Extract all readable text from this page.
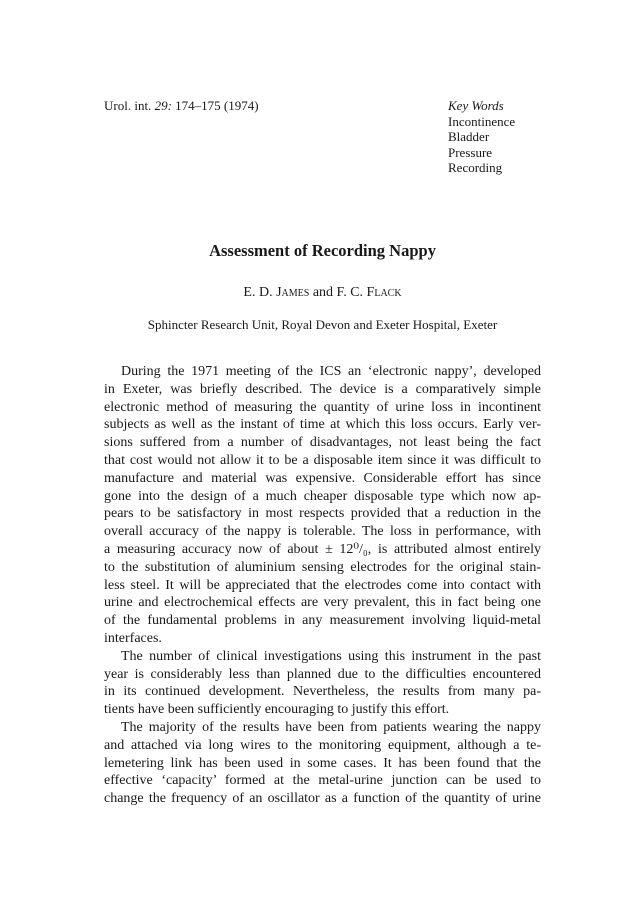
Urol. int. 29: 174–175 (1974)	Key Words
Incontinence
Bladder
Pressure
Recording
Assessment of Recording Nappy
E. D. James and F. C. Flack
Sphincter Research Unit, Royal Devon and Exeter Hospital, Exeter
During the 1971 meeting of the ICS an ‘electronic nappy’, developed
in Exeter, was briefly described. The device is a comparatively simple
electronic method of measuring the quantity of urine loss in incontinent
subjects as well as the instant of time at which this loss occurs. Early ver-
sions suffered from a number of disadvantages, not least being the fact
that cost would not allow it to be a disposable item since it was difficult to
manufacture and material was expensive. Considerable effort has since
gone into the design of a much cheaper disposable type which now ap-
pears to be satisfactory in most respects provided that a reduction in the
overall accuracy of the nappy is tolerable. The loss in performance, with
a measuring accuracy now of about ± 12⁰/₀, is attributed almost entirely
to the substitution of aluminium sensing electrodes for the original stain-
less steel. It will be appreciated that the electrodes come into contact with
urine and electrochemical effects are very prevalent, this in fact being one
of the fundamental problems in any measurement involving liquid-metal
interfaces.
The number of clinical investigations using this instrument in the past
year is considerably less than planned due to the difficulties encountered
in its continued development. Nevertheless, the results from many pa-
tients have been sufficiently encouraging to justify this effort.
The majority of the results have been from patients wearing the nappy
and attached via long wires to the monitoring equipment, although a te-
lemetering link has been used in some cases. It has been found that the
effective ‘capacity’ formed at the metal-urine junction can be used to
change the frequency of an oscillator as a function of the quantity of urine
